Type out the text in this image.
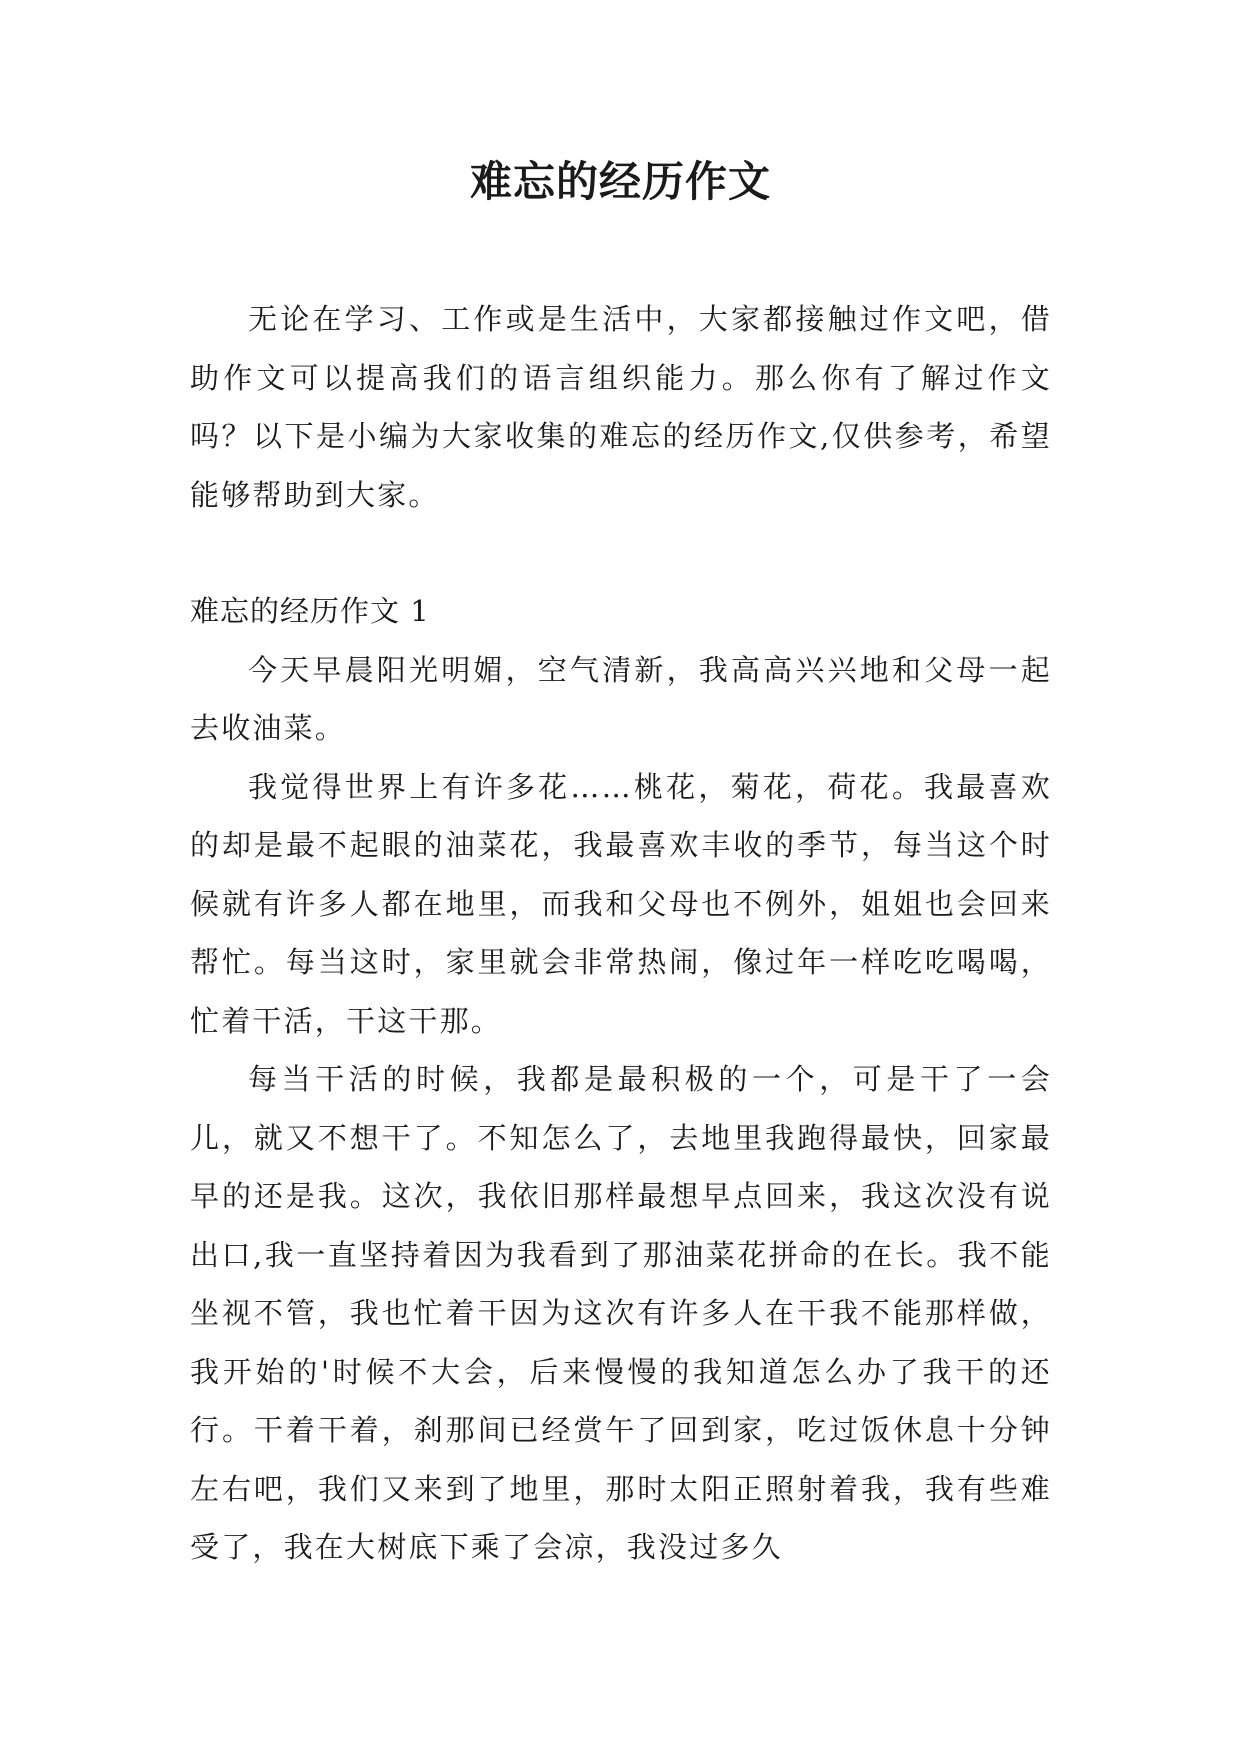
难忘的经历作文

无论在学习、工作或是生活中，大家都接触过作文吧，借助作文可以提高我们的语言组织能力。那么你有了解过作文吗？以下是小编为大家收集的难忘的经历作文,仅供参考，希望能够帮助到大家。

难忘的经历作文 1

今天早晨阳光明媚，空气清新，我高高兴兴地和父母一起去收油菜。

我觉得世界上有许多花……桃花，菊花，荷花。我最喜欢的却是最不起眼的油菜花，我最喜欢丰收的季节，每当这个时候就有许多人都在地里，而我和父母也不例外，姐姐也会回来帮忙。每当这时，家里就会非常热闹，像过年一样吃吃喝喝，忙着干活，干这干那。

每当干活的时候，我都是最积极的一个，可是干了一会儿，就又不想干了。不知怎么了，去地里我跑得最快，回家最早的还是我。这次，我依旧那样最想早点回来，我这次没有说出口,我一直坚持着因为我看到了那油菜花拼命的在长。我不能坐视不管，我也忙着干因为这次有许多人在干我不能那样做，我开始的'时候不大会，后来慢慢的我知道怎么办了我干的还行。干着干着，刹那间已经赏午了回到家，吃过饭休息十分钟左右吧，我们又来到了地里，那时太阳正照射着我，我有些难受了，我在大树底下乘了会凉，我没过多久
